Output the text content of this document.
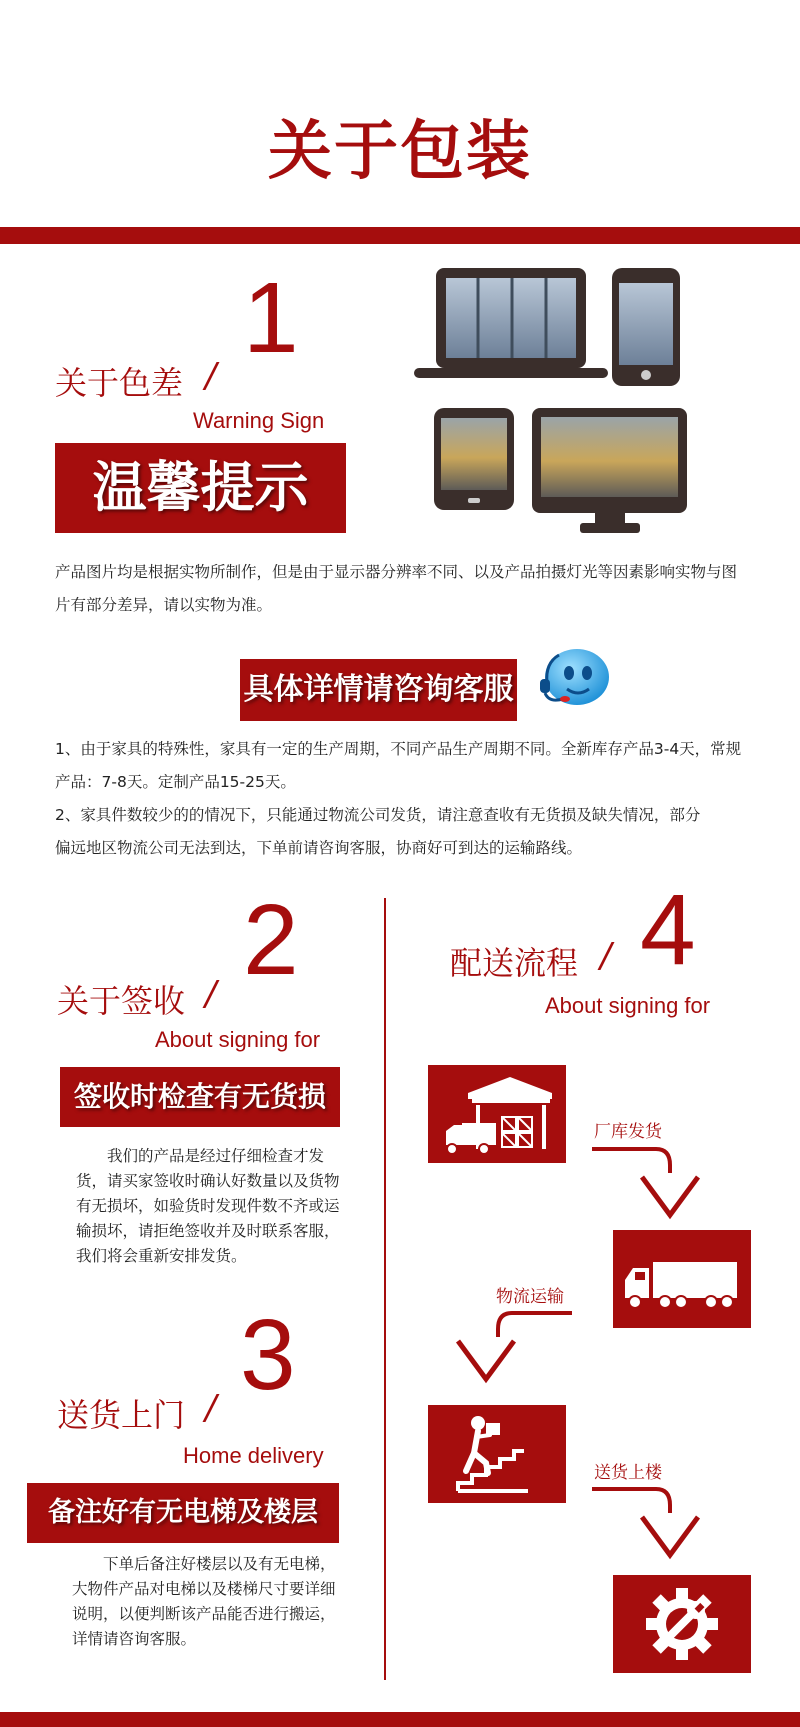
关于包装
1
关于色差 /
Warning Sign
温馨提示
产品图片均是根据实物所制作，但是由于显示器分辨率不同、以及产品拍摄灯光等因素影响实物与图片有部分差异，请以实物为准。
具体详情请咨询客服
1、由于家具的特殊性，家具有一定的生产周期，不同产品生产周期不同。全新库存产品3-4天，常规产品：7-8天。定制产品15-25天。
2、家具件数较少的的情况下，只能通过物流公司发货，请注意查收有无货损及缺失情况，部分偏远地区物流公司无法到达，下单前请咨询客服，协商好可到达的运输路线。
2
关于签收 /
About signing for
签收时检查有无货损
我们的产品是经过仔细检查才发货，请买家签收时确认好数量以及货物有无损坏，如验货时发现件数不齐或运输损坏，请拒绝签收并及时联系客服，我们将会重新安排发货。
3
送货上门 /
Home delivery
备注好有无电梯及楼层
下单后备注好楼层以及有无电梯，大物件产品对电梯以及楼梯尺寸要详细说明，以便判断该产品能否进行搬运，详情请咨询客服。
4
配送流程 /
About signing for
厂库发货
物流运输
送货上楼
